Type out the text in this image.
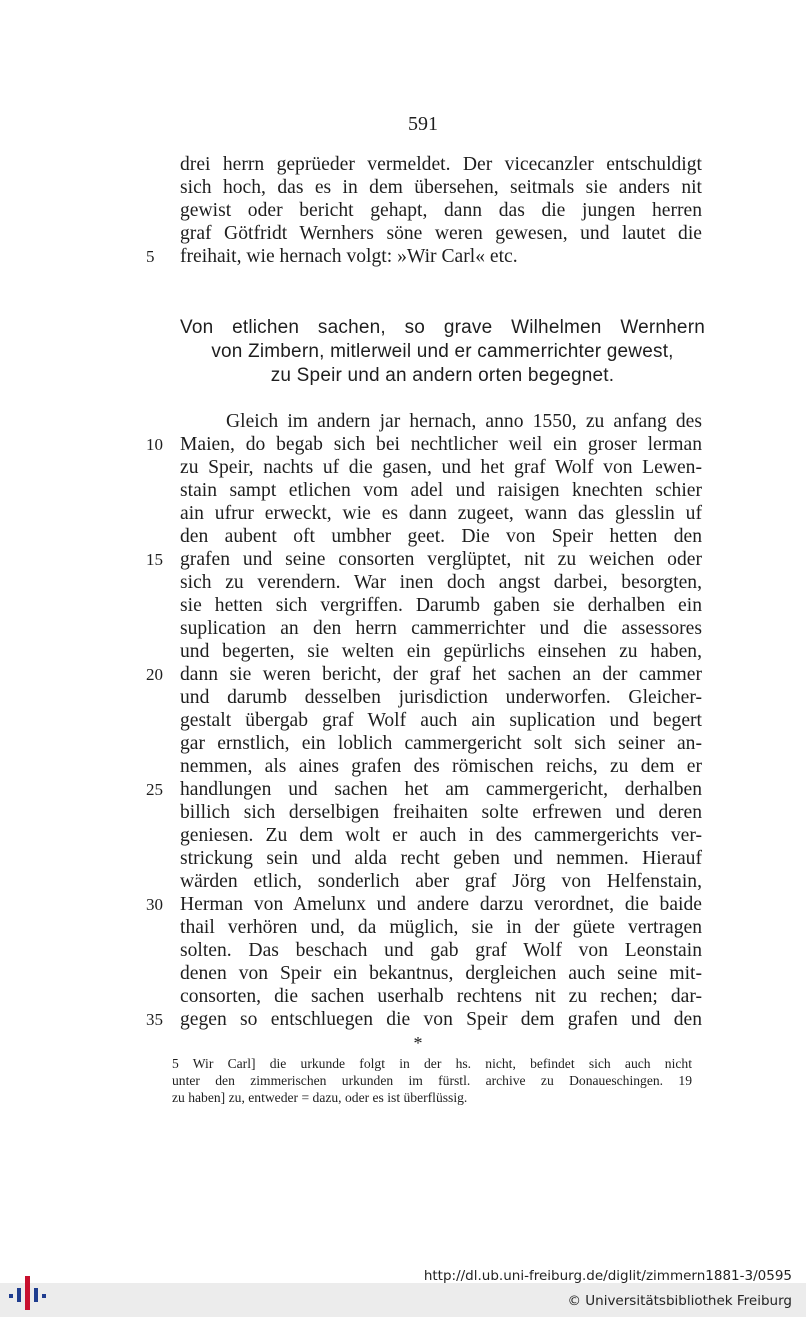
591
drei herrn geprüeder vermeldet. Der vicecanzler entschuldigt
sich hoch, das es in dem übersehen, seitmals sie anders nit
gewist oder bericht gehapt, dann das die jungen herren
graf Götfridt Wernhers söne weren gewesen, und lautet die
5	freihait, wie hernach volgt: »Wir Carl« etc.
Von etlichen sachen, so grave Wilhelmen Wernhern
von Zimbern, mitlerweil und er cammerrichter gewest,
zu Speir und an andern orten begegnet.
Gleich im andern jar hernach, anno 1550, zu anfang des
10 Maien, do begab sich bei nechtlicher weil ein groser lerman
zu Speir, nachts uf die gasen, und het graf Wolf von Lewen-
stain sampt etlichen vom adel und raisigen knechten schier
ain ufrur erweckt, wie es dann zugeet, wann das glesslin uf
den aubent oft umbher geet. Die von Speir hetten den
15 grafen und seine consorten verglüptet, nit zu weichen oder
sich zu verendern. War inen doch angst darbei, besorgten,
sie hetten sich vergriffen. Darumb gaben sie derhalben ein
suplication an den herrn cammerrichter und die assessores
und begerten, sie welten ein gepürlichs einsehen zu haben,
20 dann sie weren bericht, der graf het sachen an der cammer
und darumb desselben jurisdiction underworfen. Gleicher-
gestalt übergab graf Wolf auch ain suplication und begert
gar ernstlich, ein loblich cammergericht solt sich seiner an-
nemmen, als aines grafen des römischen reichs, zu dem er
25 handlungen und sachen het am cammergericht, derhalben
billich sich derselbigen freihaiten solte erfrewen und deren
geniesen. Zu dem wolt er auch in des cammergerichts ver-
strickung sein und alda recht geben und nemmen. Hierauf
wärden etlich, sonderlich aber graf Jörg von Helfenstain,
30 Herman von Amelunx und andere darzu verordnet, die baide
thail verhören und, da müglich, sie in der güete vertragen
solten. Das beschach und gab graf Wolf von Leonstain
denen von Speir ein bekantnus, dergleichen auch seine mit-
consorten, die sachen userhalb rechtens nit zu rechen; dar-
35 gegen so entschluegen die von Speir dem grafen und den
*
5 Wir Carl] die urkunde folgt in der hs. nicht, befindet sich auch nicht
unter den zimmerischen urkunden im fürstl. archive zu Donaueschingen. 19
zu haben] zu, entweder = dazu, oder es ist überflüssig.
http://dl.ub.uni-freiburg.de/diglit/zimmern1881-3/0595
© Universitätsbibliothek Freiburg
